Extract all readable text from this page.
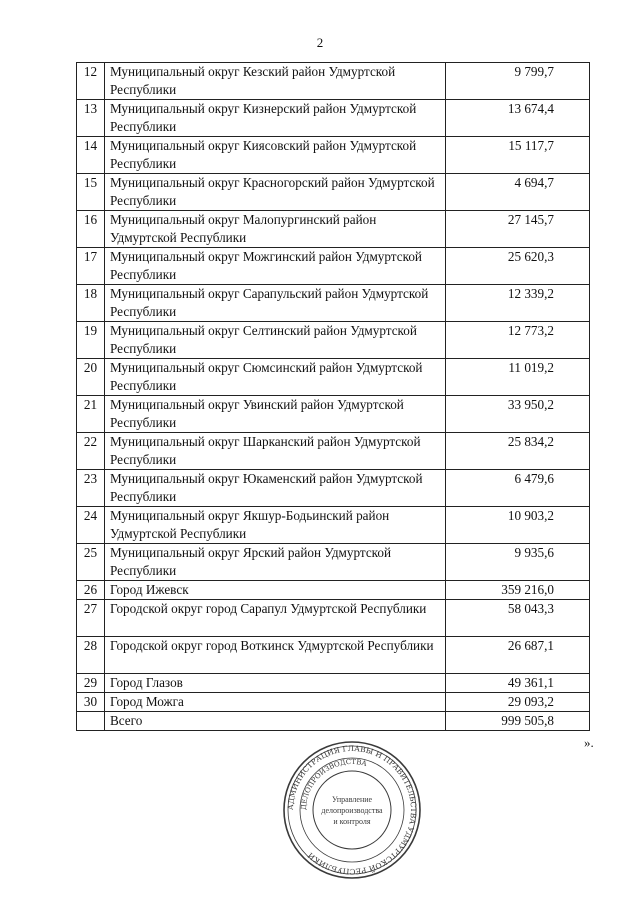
2
12	Муниципальный округ Кезский район Удмуртской Республики	9 799,7
13	Муниципальный округ Кизнерский район Удмуртской Республики	13 674,4
14	Муниципальный округ Киясовский район Удмуртской Республики	15 117,7
15	Муниципальный округ Красногорский район Удмуртской Республики	4 694,7
16	Муниципальный округ Малопургинский район Удмуртской Республики	27 145,7
17	Муниципальный округ Можгинский район Удмуртской Республики	25 620,3
18	Муниципальный округ Сарапульский район Удмуртской Республики	12 339,2
19	Муниципальный округ Селтинский район Удмуртской Республики	12 773,2
20	Муниципальный округ Сюмсинский район Удмуртской Республики	11 019,2
21	Муниципальный округ Увинский район Удмуртской Республики	33 950,2
22	Муниципальный округ Шарканский район Удмуртской Республики	25 834,2
23	Муниципальный округ Юкаменский район Удмуртской Республики	6 479,6
24	Муниципальный округ Якшур-Бодьинский район Удмуртской Республики	10 903,2
25	Муниципальный округ Ярский район Удмуртской Республики	9 935,6
26	Город Ижевск	359 216,0
27	Городской округ город Сарапул Удмуртской Республики	58 043,3
28	Городской округ город Воткинск Удмуртской Республики	26 687,1
29	Город Глазов	49 361,1
30	Город Можга	29 093,2
	Всего	999 505,8
».
АДМИНИСТРАЦИЯ ГЛАВЫ И ПРАВИТЕЛЬСТВА УДМУРТСКОЙ РЕСПУБЛИКИ
ДЕЛОПРОИЗВОДСТВА
Управление
делопроизводства
и контроля
